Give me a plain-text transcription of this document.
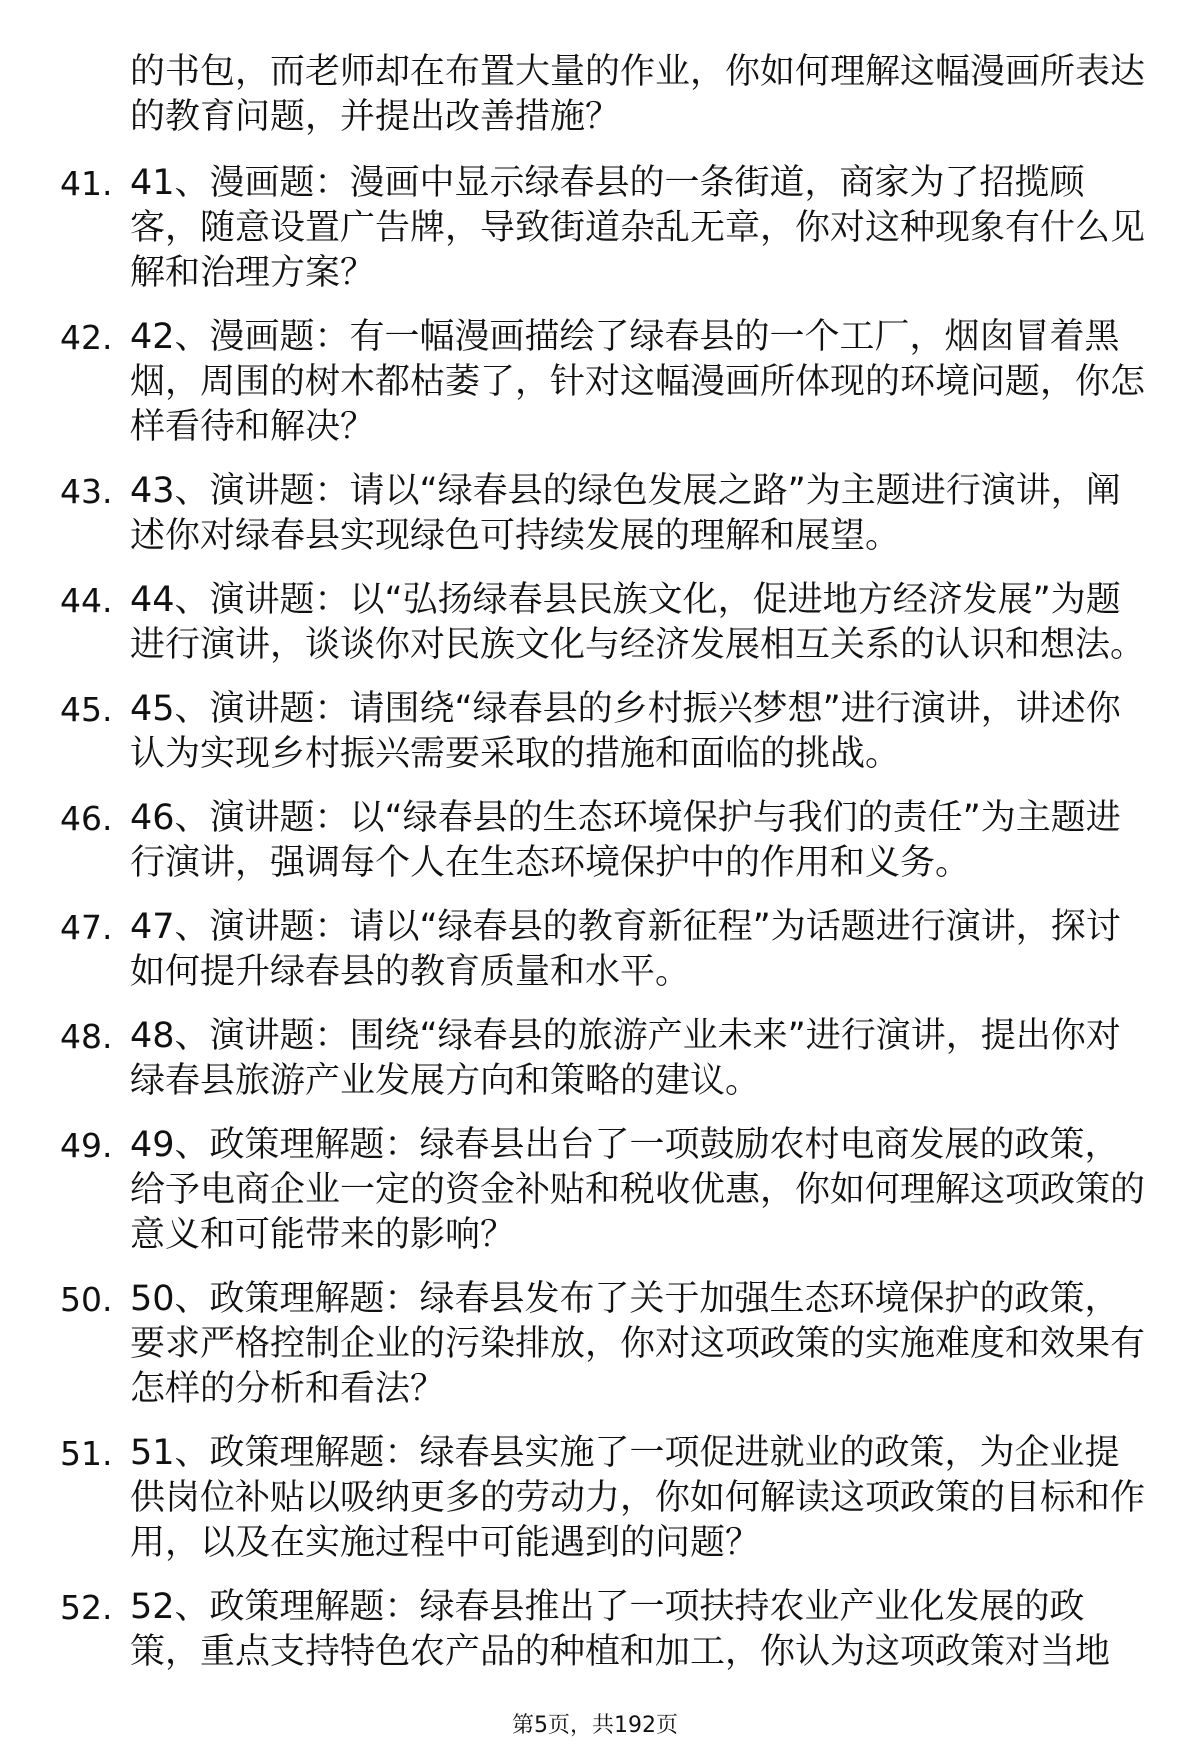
的书包，而老师却在布置大量的作业，你如何理解这幅漫画所表达的教育问题，并提出改善措施？
41. 41、漫画题：漫画中显示绿春县的一条街道，商家为了招揽顾客，随意设置广告牌，导致街道杂乱无章，你对这种现象有什么见解和治理方案？
42. 42、漫画题：有一幅漫画描绘了绿春县的一个工厂，烟囱冒着黑烟，周围的树木都枯萎了，针对这幅漫画所体现的环境问题，你怎样看待和解决？
43. 43、演讲题：请以“绿春县的绿色发展之路”为主题进行演讲，阐述你对绿春县实现绿色可持续发展的理解和展望。
44. 44、演讲题：以“弘扬绿春县民族文化，促进地方经济发展”为题进行演讲，谈谈你对民族文化与经济发展相互关系的认识和想法。
45. 45、演讲题：请围绕“绿春县的乡村振兴梦想”进行演讲，讲述你认为实现乡村振兴需要采取的措施和面临的挑战。
46. 46、演讲题：以“绿春县的生态环境保护与我们的责任”为主题进行演讲，强调每个人在生态环境保护中的作用和义务。
47. 47、演讲题：请以“绿春县的教育新征程”为话题进行演讲，探讨如何提升绿春县的教育质量和水平。
48. 48、演讲题：围绕“绿春县的旅游产业未来”进行演讲，提出你对绿春县旅游产业发展方向和策略的建议。
49. 49、政策理解题：绿春县出台了一项鼓励农村电商发展的政策，给予电商企业一定的资金补贴和税收优惠，你如何理解这项政策的意义和可能带来的影响？
50. 50、政策理解题：绿春县发布了关于加强生态环境保护的政策，要求严格控制企业的污染排放，你对这项政策的实施难度和效果有怎样的分析和看法？
51. 51、政策理解题：绿春县实施了一项促进就业的政策，为企业提供岗位补贴以吸纳更多的劳动力，你如何解读这项政策的目标和作用，以及在实施过程中可能遇到的问题？
52. 52、政策理解题：绿春县推出了一项扶持农业产业化发展的政策，重点支持特色农产品的种植和加工，你认为这项政策对当地
第5页，共192页
